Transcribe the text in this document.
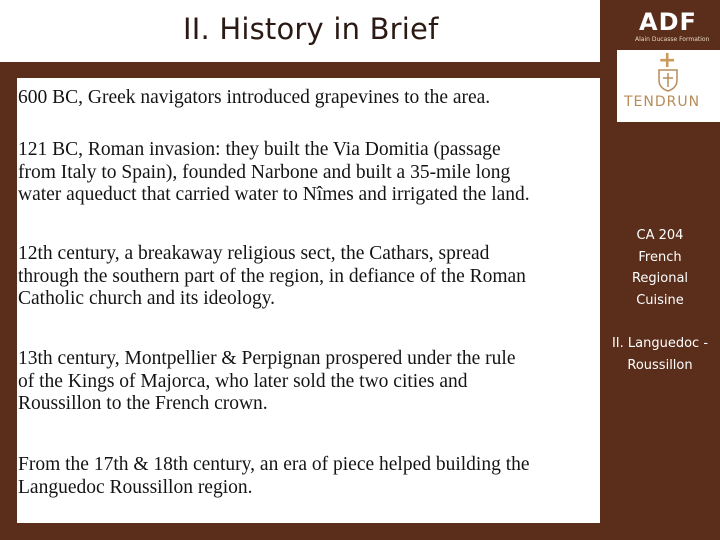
II. History in Brief

600 BC, Greek navigators introduced grapevines to the area.

121 BC, Roman invasion: they built the Via Domitia (passage
from Italy to Spain), founded Narbone and built a 35-mile long
water aqueduct that carried water to Nîmes and irrigated the land.

12th century, a breakaway religious sect, the Cathars, spread
through the southern part of the region, in defiance of the Roman
Catholic church and its ideology.

13th century, Montpellier & Perpignan prospered under the rule
of the Kings of Majorca, who later sold the two cities and
Roussillon to the French crown.

From the 17th & 18th century, an era of piece helped building the
Languedoc Roussillon region.

ADF
Alain Ducasse Formation
+
TENDRUN
CA 204
French
Regional
Cuisine
II. Languedoc -
Roussillon
